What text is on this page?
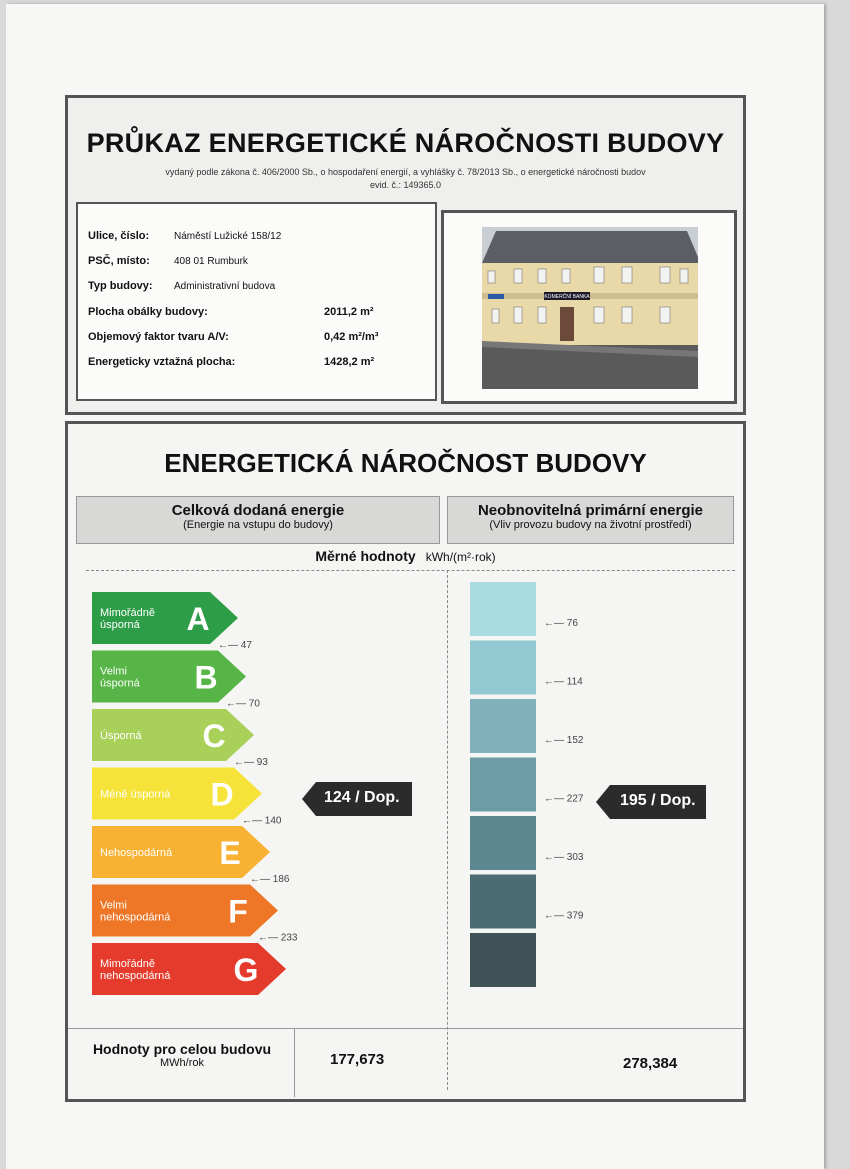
PRŮKAZ ENERGETICKÉ NÁROČNOSTI BUDOVY
vydaný podle zákona č. 406/2000 Sb., o hospodaření energií, a vyhlášky č. 78/2013 Sb., o energetické náročnosti budov
evid. č.: 149365.0
Ulice, číslo: Náměstí Lužické 158/12
PSČ, místo: 408 01 Rumburk
Typ budovy: Administrativní budova
Plocha obálky budovy:	2011,2 m²
Objemový faktor tvaru A/V:	0,42 m²/m³
Energeticky vztažná plocha:	1428,2 m²
KOMERČNÍ BANKA
ENERGETICKÁ NÁROČNOST BUDOVY
Celková dodaná energie
(Energie na vstupu do budovy)
Neobnovitelná primární energie
(Vliv provozu budovy na životní prostředí)
Měrné hodnoty kWh/(m²·rok)
Mimořádně
úsporná A
←— 47
←— 76
Velmi
úsporná B
←— 70
←— 114
Úsporná C
←— 93
←— 152
Méně úsporná D
←— 140
←— 227
Nehospodárná E
←— 186
←— 303
Velmi
nehospodárná F
←— 233
←— 379
Mimořádně
nehospodárná G
124 / Dop.	195 / Dop.
Hodnoty pro celou budovu
MWh/rok	177,673	278,384
